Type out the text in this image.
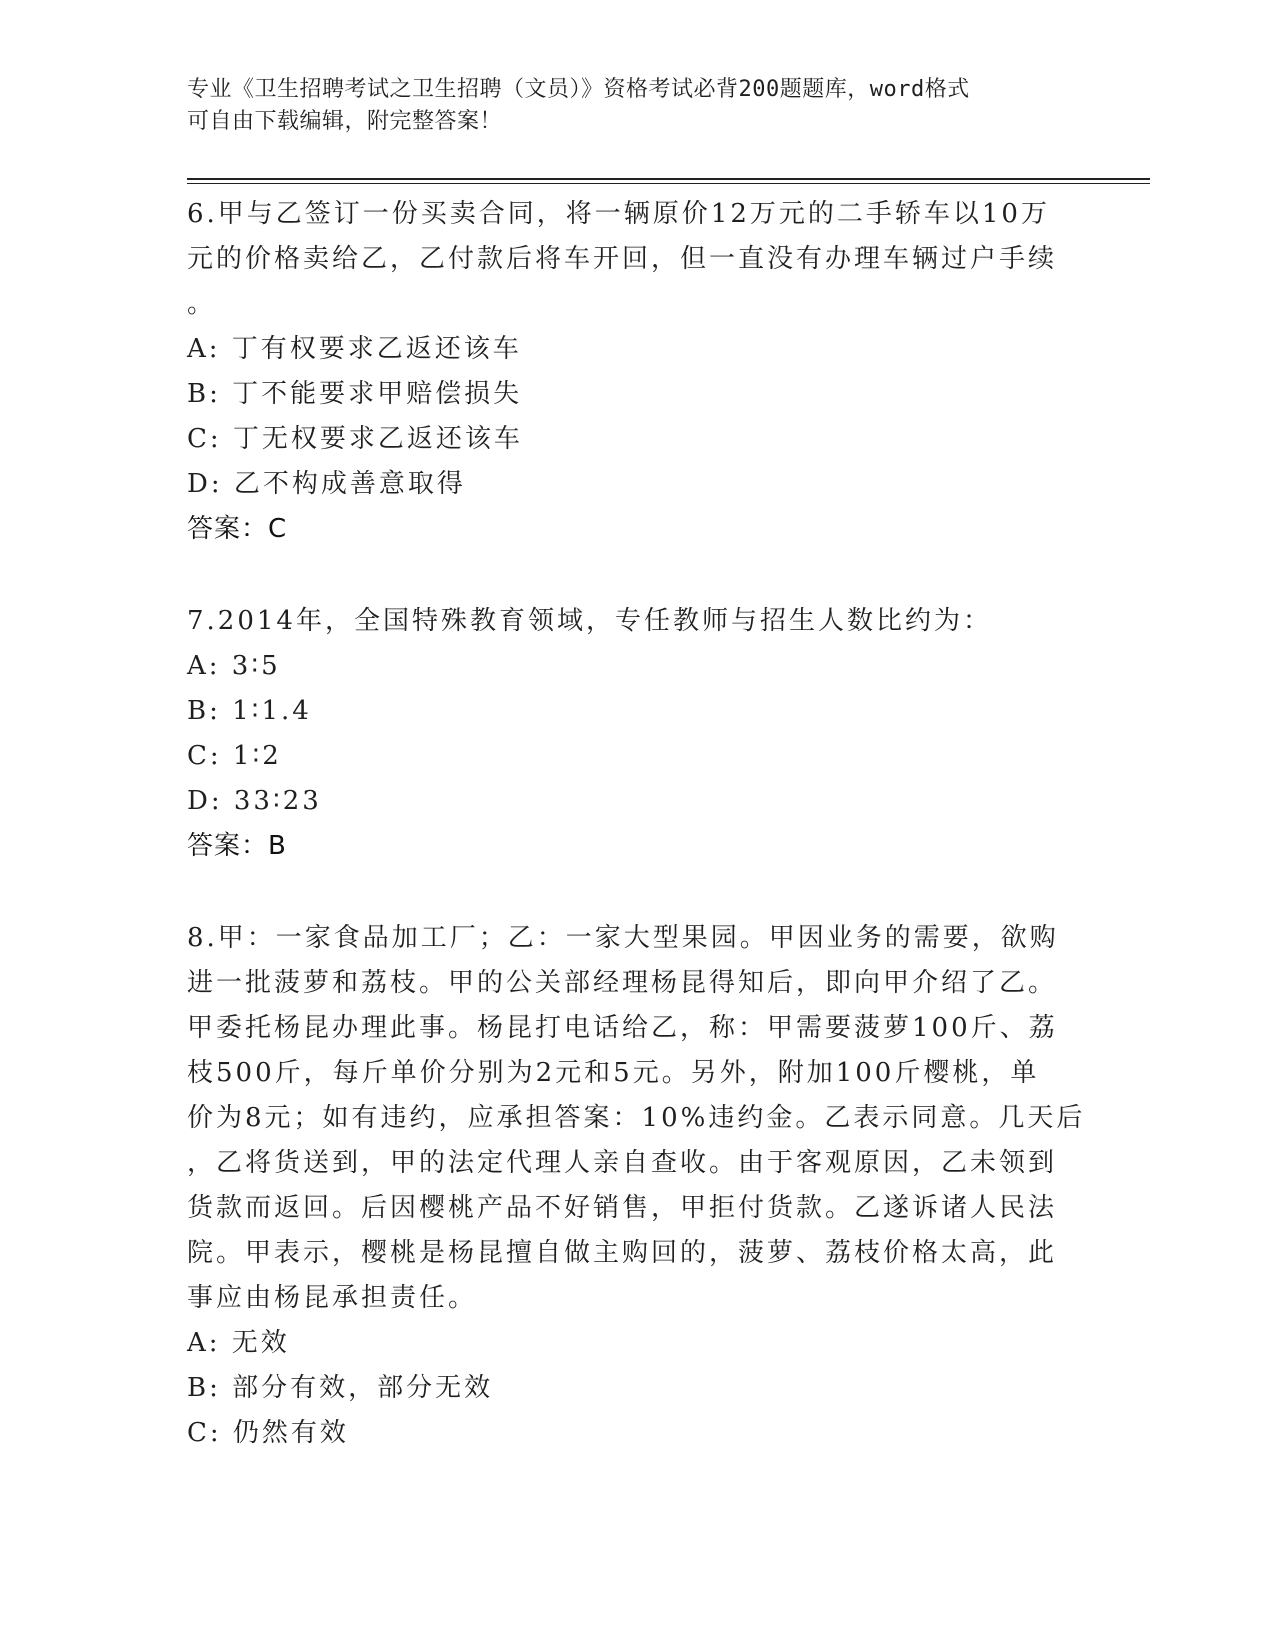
专业《卫生招聘考试之卫生招聘（文员）》资格考试必背200题题库，word格式
可自由下载编辑，附完整答案！
6.甲与乙签订一份买卖合同，将一辆原价12万元的二手轿车以10万
元的价格卖给乙，乙付款后将车开回，但一直没有办理车辆过户手续
。
A: 丁有权要求乙返还该车
B: 丁不能要求甲赔偿损失
C: 丁无权要求乙返还该车
D: 乙不构成善意取得
答案：C
7.2014年，全国特殊教育领域，专任教师与招生人数比约为：
A: 3∶5
B: 1∶1.4
C: 1∶2
D: 33∶23
答案：B
8.甲：一家食品加工厂；乙：一家大型果园。甲因业务的需要，欲购
进一批菠萝和荔枝。甲的公关部经理杨昆得知后，即向甲介绍了乙。
甲委托杨昆办理此事。杨昆打电话给乙，称：甲需要菠萝100斤、荔
枝500斤，每斤单价分别为2元和5元。另外，附加100斤樱桃，单
价为8元；如有违约，应承担答案：10%违约金。乙表示同意。几天后
，乙将货送到，甲的法定代理人亲自查收。由于客观原因，乙未领到
货款而返回。后因樱桃产品不好销售，甲拒付货款。乙遂诉诸人民法
院。甲表示，樱桃是杨昆擅自做主购回的，菠萝、荔枝价格太高，此
事应由杨昆承担责任。
A: 无效
B: 部分有效，部分无效
C: 仍然有效
